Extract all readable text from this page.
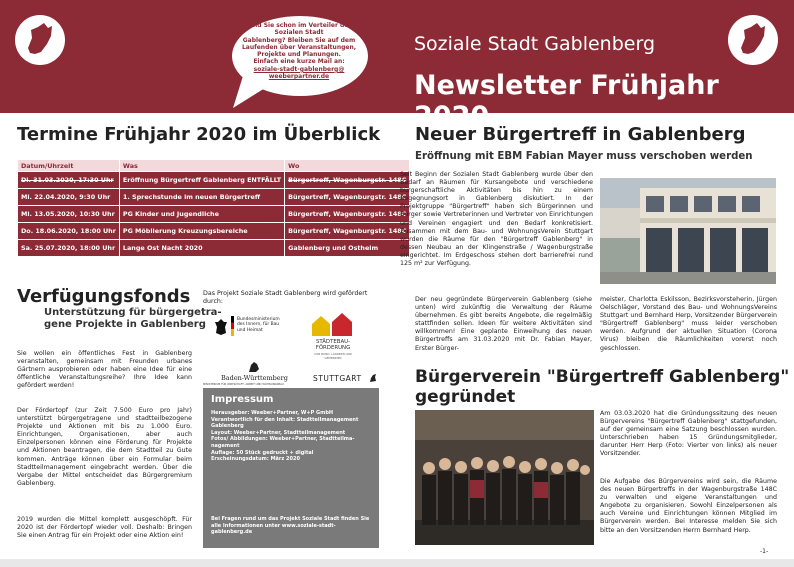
Soziale Stadt Gablenberg
Newsletter Frühjahr 2020
Sind Sie schon im Verteiler der
Sozialen Stadt
Gablenberg? Bleiben Sie auf dem
Laufenden über Veranstaltungen,
Projekte und Planungen.
Einfach eine kurze Mail an:
soziale-stadt-gablenberg@
weeberpartner.de
Termine Frühjahr 2020 im Überblick
Datum/Uhrzeit	Was	Wo
Di. 31.03.2020, 17:30 Uhr	Eröffnung Bürgertreff Gablenberg ENTFÄLLT	Bürgertreff, Wagenburgstr. 148C
Mi. 22.04.2020, 9:30 Uhr	1. Sprechstunde im neuen Bürgertreff	Bürgertreff, Wagenburgstr. 148C
Mi. 13.05.2020, 10:30 Uhr	PG Kinder und Jugendliche	Bürgertreff, Wagenburgstr. 148C
Do. 18.06.2020, 18:00 Uhr	PG Möblierung Kreuzungsbereiche	Bürgertreff, Wagenburgstr. 148C
Sa. 25.07.2020, 18:00 Uhr	Lange Ost Nacht 2020	Gablenberg und Ostheim
Verfügungsfonds
Unterstützung für bürgergetra-
gene Projekte in Gablenberg
Sie wollen ein öffentliches Fest in Gablenberg veranstalten, gemeinsam mit Freunden urbanes Gärtnern ausprobieren oder haben eine Idee für eine öffentliche Veranstaltungsreihe? Ihre Idee kann gefördert werden!
Der Fördertopf (zur Zeit 7.500 Euro pro Jahr) unterstützt bürgergetragene und stadtteilbezogene Projekte und Aktionen mit bis zu 1.000 Euro. Einrichtungen, Organisationen, aber auch Einzelpersonen können eine Förderung für Projekte und Aktionen beantragen, die dem Stadtteil zu Gute kommen. Anträge können über ein Formular beim Stadtteilmanagement eingebracht werden. Über die Vergabe der Mittel entscheidet das Bürgergremium Gablenberg.
2019 wurden die Mittel komplett ausgeschöpft. Für 2020 ist der Fördertopf wieder voll. Deshalb: Bringen Sie einen Antrag für ein Projekt oder eine Aktion ein!
Das Projekt Soziale Stadt Gablenberg wird gefördert durch:
Bundesministerium
des Innern, für Bau
und Heimat
STÄDTEBAU-
FÖRDERUNG
VON BUND, LÄNDERN UND GEMEINDEN
Baden-Württemberg
MINISTERIUM FÜR WIRTSCHAFT, ARBEIT UND WOHNUNGSBAU
STUTTGART
Impressum
Herausgeber: Weeber+Partner, W+P GmbH
Verantwortlich für den Inhalt: Stadtteilmanagement
Gablenberg
Layout: Weeber+Partner, Stadtteilmanagement
Fotos/ Abbildungen: Weeber+Partner, Stadtteilma-
nagement
Auflage: 50 Stück gedruckt + digital
Erscheinungsdatum: März 2020
Bei Fragen rund um das Projekt Soziale Stadt finden Sie
alle Informationen unter www.soziale-stadt-gablenberg.de
Neuer Bürgertreff in Gablenberg
Eröffnung mit EBM Fabian Mayer muss verschoben werden
Seit Beginn der Sozialen Stadt Gablenberg wurde über den Bedarf an Räumen für Kursangebote und verschiedene bürgerschaftliche Aktivitäten bis hin zu einem Begegnungsort in Gablenberg diskutiert. In der Projektgruppe "Bürgertreff" haben sich Bürgerinnen und Bürger sowie Vertreterinnen und Vertreter von Einrichtungen und Vereinen engagiert und den Bedarf konkretisiert. Zusammen mit dem Bau- und WohnungsVerein Stuttgart wurden die Räume für den "Bürgertreff Gablenberg" in dessen Neubau an der Klingenstraße / Wagenburgstraße eingerichtet. Im Erdgeschoss stehen dort barrierefrei rund 125 m² zur Verfügung.
Der neu gegründete Bürgerverein Gablenberg (siehe unten) wird zukünftig die Verwaltung der Räume übernehmen. Es gibt bereits Angebote, die regelmäßig stattfinden sollen. Ideen für weitere Aktivitäten sind willkommen! Eine geplante Einweihung des neuen Bürgertreffs am 31.03.2020 mit Dr. Fabian Mayer, Erster Bürger-
meister, Charlotta Eskilsson, Bezirksvorsteherin, Jürgen Oelschläger, Vorstand des Bau- und WohnungsVereins Stuttgart und Bernhard Herp, Vorsitzender Bürgerverein "Bürgertreff Gablenberg" muss leider verschoben werden. Aufgrund der aktuellen Situation (Corona Virus) bleiben die Räumlichkeiten vorerst noch geschlossen.
Bürgerverein "Bürgertreff Gablenberg"
gegründet
Am 03.03.2020 hat die Gründungssitzung des neuen Bürgervereins "Bürgertreff Gablenberg" stattgefunden, auf der gemeinsam eine Satzung beschlossen wurden. Unterschrieben haben 15 Gründungsmitglieder, darunter Herr Herp (Foto: Vierter von links) als neuer Vorsitzender.
Die Aufgabe des Bürgervereins wird sein, die Räume des neuen Bürgertreffs in der Wagenburgstraße 148C zu verwalten und eigene Veranstaltungen und Angebote zu organisieren. Sowohl Einzelpersonen als auch Vereine und Einrichtungen können Mitglied im Bürgerverein werden. Bei Interesse melden Sie sich bitte an den Vorsitzenden Herrn Bernhard Herp.
-1-
